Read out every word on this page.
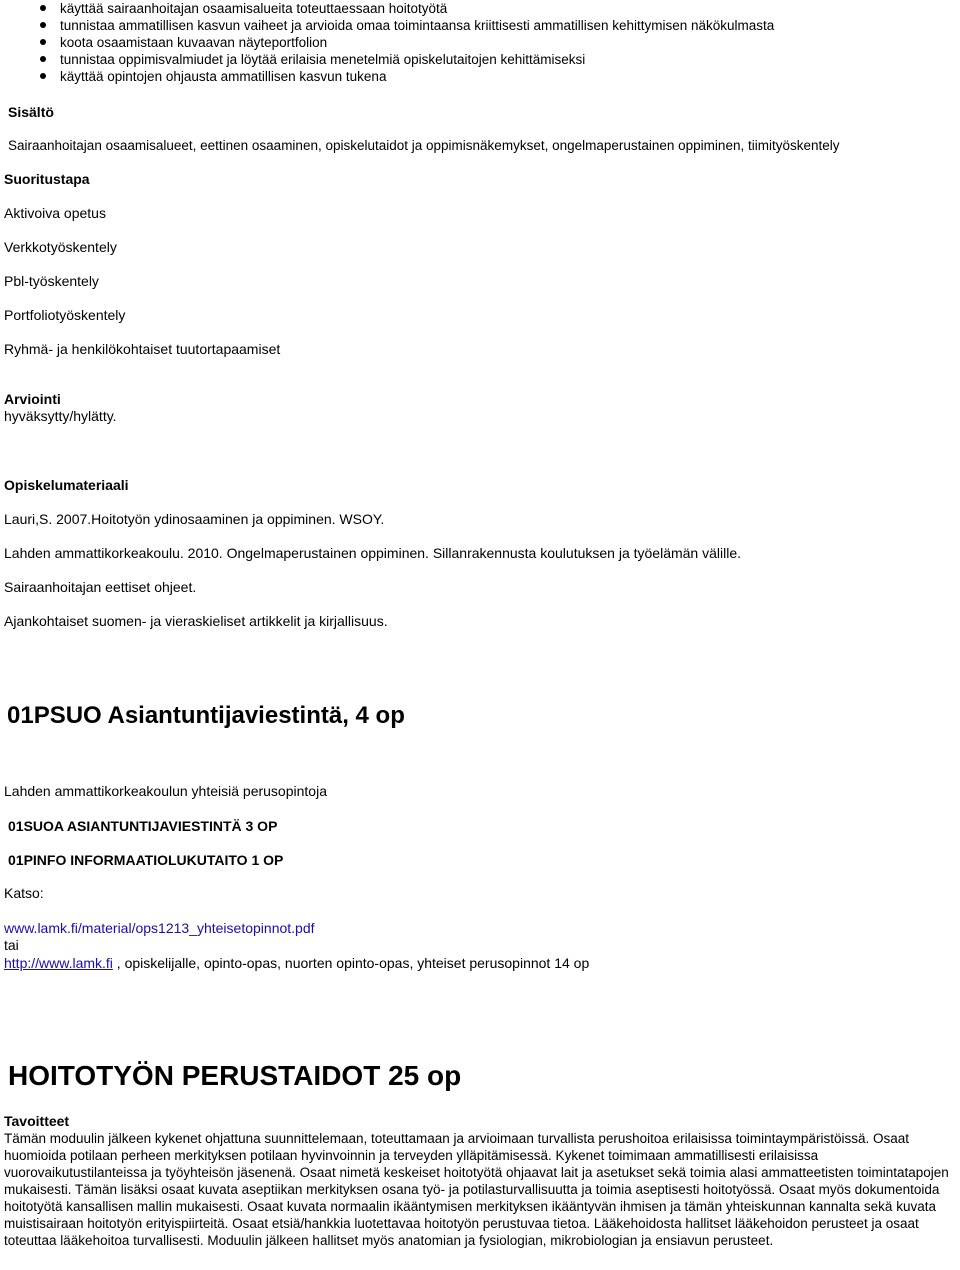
käyttää sairaanhoitajan osaamisalueita toteuttaessaan hoitotyötä
tunnistaa ammatillisen kasvun vaiheet ja arvioida omaa toimintaansa kriittisesti ammatillisen kehittymisen näkökulmasta
koota osaamistaan kuvaavan näyteportfolion
tunnistaa oppimisvalmiudet ja löytää erilaisia menetelmiä opiskelutaitojen kehittämiseksi
käyttää opintojen ohjausta ammatillisen kasvun tukena
Sisältö
Sairaanhoitajan osaamisalueet, eettinen osaaminen, opiskelutaidot ja oppimisnäkemykset, ongelmaperustainen oppiminen, tiimityöskentely
Suoritustapa
Aktivoiva opetus
Verkkotyöskentely
Pbl-työskentely
Portfoliotyöskentely
Ryhmä- ja henkilökohtaiset tuutortapaamiset
Arviointi
hyväksytty/hylätty.
Opiskelumateriaali
Lauri,S. 2007.Hoitotyön ydinosaaminen ja oppiminen. WSOY.
Lahden ammattikorkeakoulu. 2010. Ongelmaperustainen oppiminen. Sillanrakennusta koulutuksen ja työelämän välille.
Sairaanhoitajan eettiset ohjeet.
Ajankohtaiset suomen- ja vieraskieliset artikkelit ja kirjallisuus.
01PSUO Asiantuntijaviestintä, 4 op
Lahden ammattikorkeakoulun yhteisiä perusopintoja
01SUOA ASIANTUNTIJAVIESTINTÄ 3 OP
01PINFO INFORMAATIOLUKUTAITO 1 OP
Katso:
www.lamk.fi/material/ops1213_yhteisetopinnot.pdf
tai
http://www.lamk.fi , opiskelijalle, opinto-opas, nuorten opinto-opas, yhteiset perusopinnot 14 op
HOITOTYÖN PERUSTAIDOT 25 op
Tavoitteet
Tämän moduulin jälkeen kykenet ohjattuna suunnittelemaan, toteuttamaan ja arvioimaan turvallista perushoitoa erilaisissa toimintaympäristöissä. Osaat huomioida potilaan perheen merkityksen potilaan hyvinvoinnin ja terveyden ylläpitämisessä. Kykenet toimimaan ammatillisesti erilaisissa vuorovaikutustilanteissa ja työyhteisön jäsenenä. Osaat nimetä keskeiset hoitotyötä ohjaavat lait ja asetukset sekä toimia alasi ammatteetisten toimintatapojen mukaisesti. Tämän lisäksi osaat kuvata aseptiikan merkityksen osana työ- ja potilasturvallisuutta ja toimia aseptisesti hoitotyössä. Osaat myös dokumentoida hoitotyötä kansallisen mallin mukaisesti. Osaat kuvata normaalin ikääntymisen merkityksen ikääntyvän ihmisen ja tämän yhteiskunnan kannalta sekä kuvata muistisairaan hoitotyön erityispiirteitä. Osaat etsiä/hankkia luotettavaa hoitotyön perustuvaa tietoa. Lääkehoidosta hallitset lääkehoidon perusteet ja osaat toteuttaa lääkehoitoa turvallisesti. Moduulin jälkeen hallitset myös anatomian ja fysiologian, mikrobiologian ja ensiavun perusteet.
